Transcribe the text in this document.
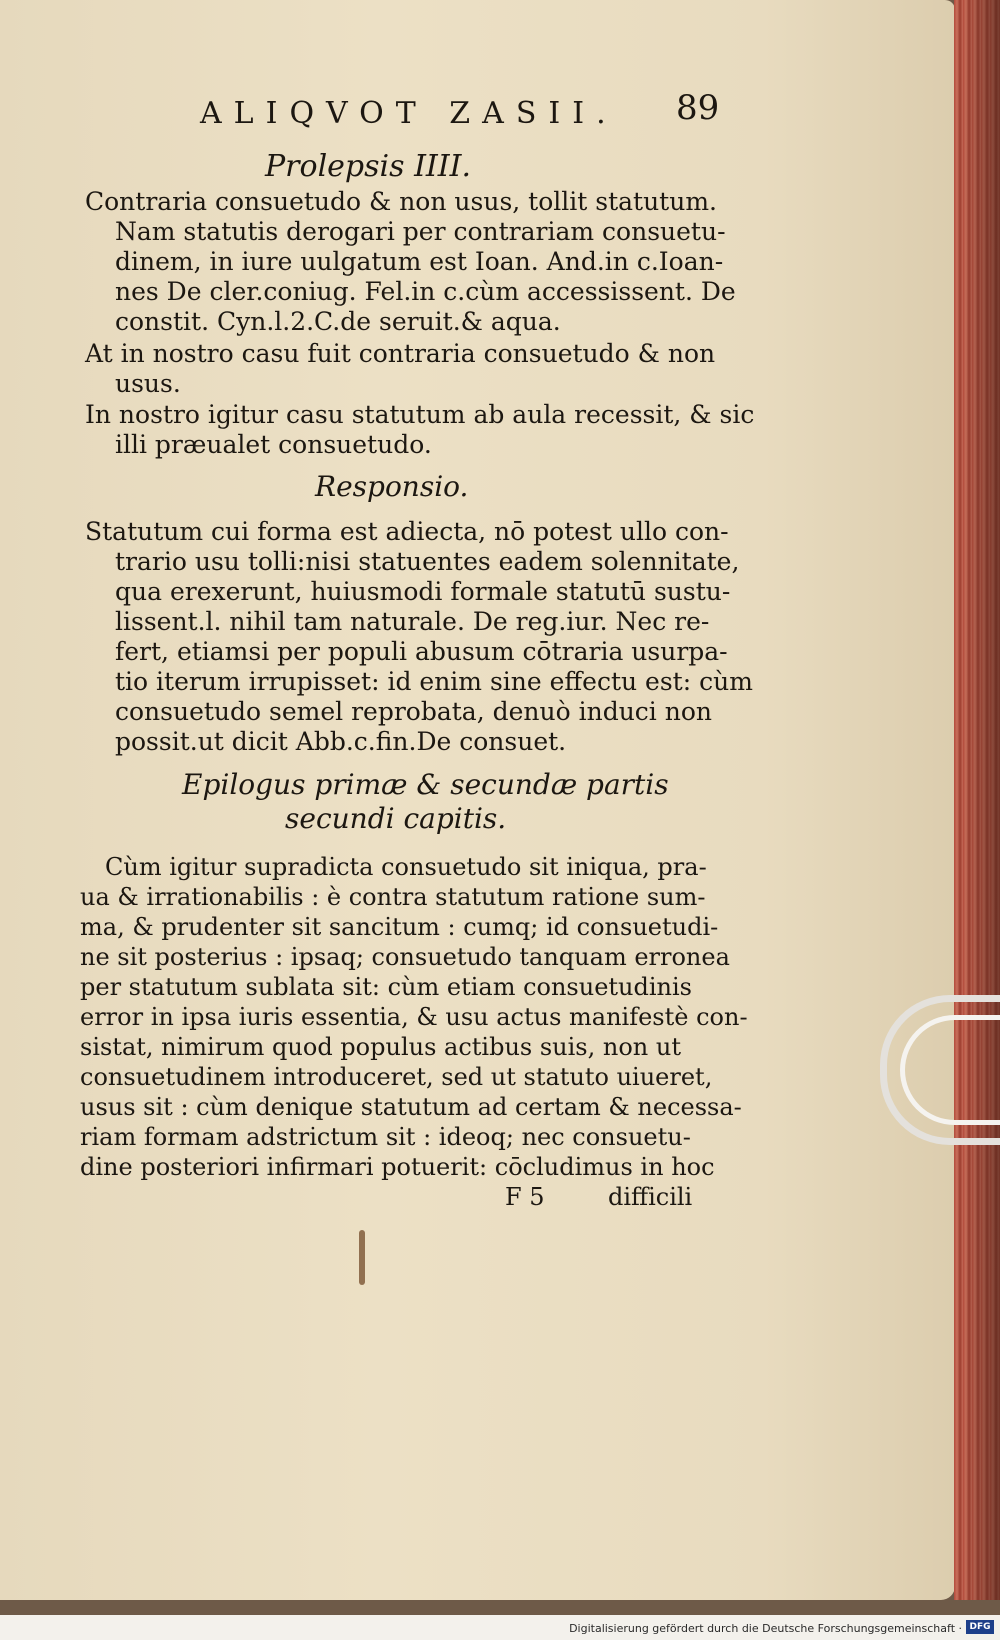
ALIQVOT ZASII. 89
Prolepsis IIII.
Contraria consuetudo & non usus, tollit statutum.
Nam statutis derogari per contrariam consuetu-
dinem, in iure uulgatum est Ioan. And.in c.Ioan-
nes De cler.coniug. Fel.in c.cùm accessissent. De
constit. Cyn.l.2.C.de seruit.& aqua.
At in nostro casu fuit contraria consuetudo & non
usus.
In nostro igitur casu statutum ab aula recessit, & sic
illi præualet consuetudo.
Responsio.
Statutum cui forma est adiecta, nō potest ullo con-
trario usu tolli:nisi statuentes eadem solennitate,
qua erexerunt, huiusmodi formale statutū sustu-
lissent.l. nihil tam naturale. De reg.iur. Nec re-
fert, etiamsi per populi abusum cōtraria usurpa-
tio iterum irrupisset: id enim sine effectu est: cùm
consuetudo semel reprobata, denuò induci non
possit.ut dicit Abb.c.fin.De consuet.
Epilogus primæ & secundæ partis
secundi capitis.
Cùm igitur supradicta consuetudo sit iniqua, pra-
ua & irrationabilis : è contra statutum ratione sum-
ma, & prudenter sit sancitum : cumq; id consuetudi-
ne sit posterius : ipsaq; consuetudo tanquam erronea
per statutum sublata sit: cùm etiam consuetudinis
error in ipsa iuris essentia, & usu actus manifestè con-
sistat, nimirum quod populus actibus suis, non ut
consuetudinem introduceret, sed ut statuto uiueret,
usus sit : cùm denique statutum ad certam & necessa-
riam formam adstrictum sit : ideoq; nec consuetu-
dine posteriori infirmari potuerit: cōcludimus in hoc
F 5	difficili
Digitalisierung gefördert durch die Deutsche Forschungsgemeinschaft · DFG
